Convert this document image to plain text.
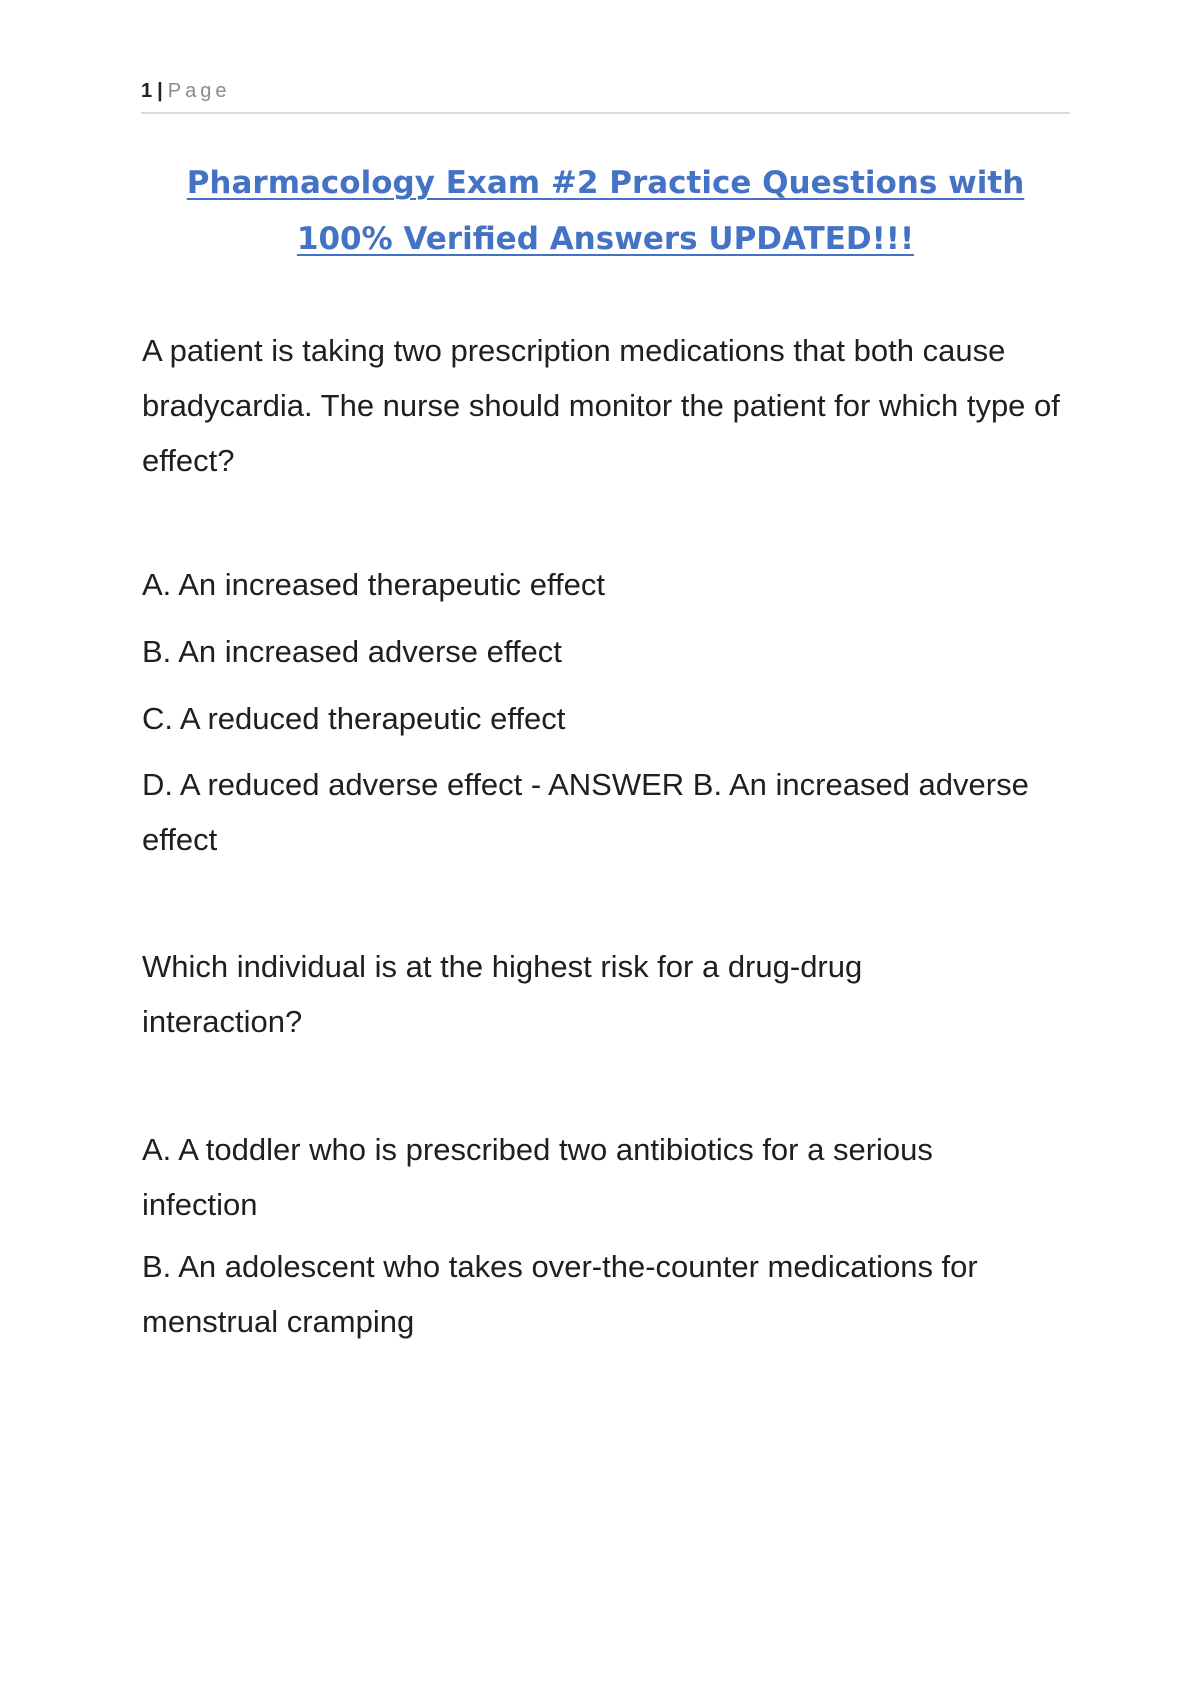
1 | Page
Pharmacology Exam #2 Practice Questions with
100% Verified Answers UPDATED!!!

A patient is taking two prescription medications that both cause bradycardia. The nurse should monitor the patient for which type of effect?

A. An increased therapeutic effect

B. An increased adverse effect

C. A reduced therapeutic effect

D. A reduced adverse effect - ANSWER B. An increased adverse effect

Which individual is at the highest risk for a drug-drug interaction?

A. A toddler who is prescribed two antibiotics for a serious infection

B. An adolescent who takes over-the-counter medications for menstrual cramping
